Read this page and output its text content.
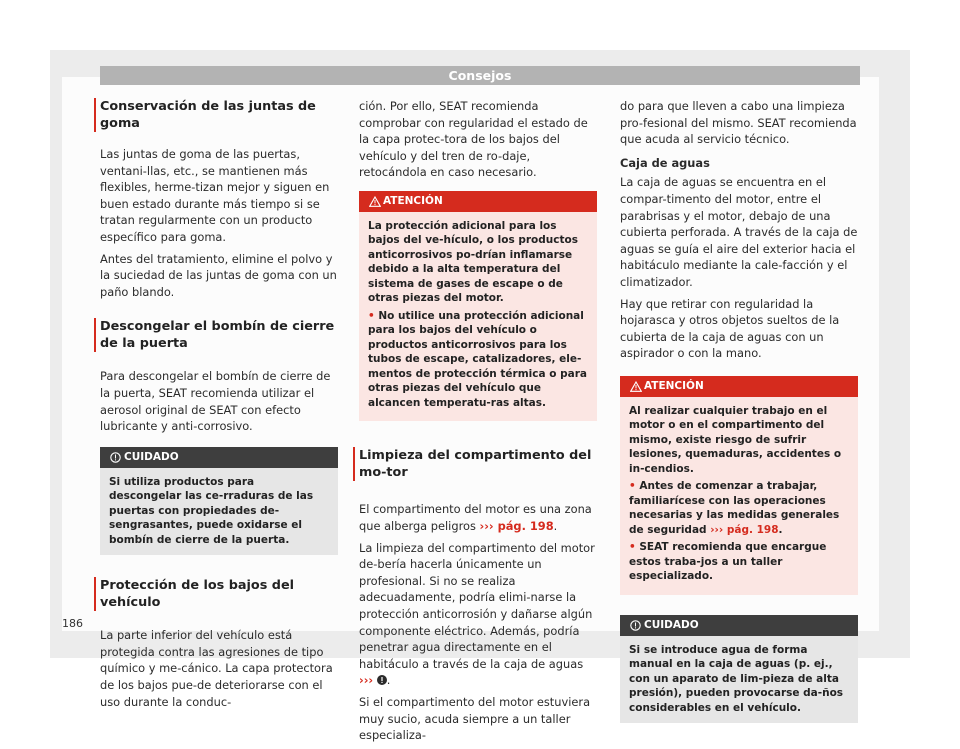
Consejos
Conservación de las juntas de goma

Las juntas de goma de las puertas, ventani-llas, etc., se mantienen más flexibles, herme-tizan mejor y siguen en buen estado durante más tiempo si se tratan regularmente con un producto específico para goma.

Antes del tratamiento, elimine el polvo y la suciedad de las juntas de goma con un paño blando.

Descongelar el bombín de cierre de la puerta

Para descongelar el bombín de cierre de la puerta, SEAT recomienda utilizar el aerosol original de SEAT con efecto lubricante y anti-corrosivo.

CUIDADO
Si utiliza productos para descongelar las ce-rraduras de las puertas con propiedades de-sengrasantes, puede oxidarse el bombín de cierre de la puerta.
Protección de los bajos del vehículo

La parte inferior del vehículo está protegida contra las agresiones de tipo químico y me-cánico. La capa protectora de los bajos pue-de deteriorarse con el uso durante la conduc-

ción. Por ello, SEAT recomienda comprobar con regularidad el estado de la capa protec-tora de los bajos del vehículo y del tren de ro-daje, retocándola en caso necesario.

ATENCIÓN

La protección adicional para los bajos del ve-hículo, o los productos anticorrosivos po-drían inflamarse debido a la alta temperatura del sistema de gases de escape o de otras piezas del motor.

• No utilice una protección adicional para los bajos del vehículo o productos anticorrosivos para los tubos de escape, catalizadores, ele-mentos de protección térmica o para otras piezas del vehículo que alcancen temperatu-ras altas.

Limpieza del compartimento del mo-tor

El compartimento del motor es una zona que alberga peligros ››› pág. 198.

La limpieza del compartimento del motor de-bería hacerla únicamente un profesional. Si no se realiza adecuadamente, podría elimi-narse la protección anticorrosión y dañarse algún componente eléctrico. Además, podría penetrar agua directamente en el habitáculo a través de la caja de aguas ››› .

Si el compartimento del motor estuviera muy sucio, acuda siempre a un taller especializa-

do para que lleven a cabo una limpieza pro-fesional del mismo. SEAT recomienda que acuda al servicio técnico.

Caja de aguas

La caja de aguas se encuentra en el compar-timento del motor, entre el parabrisas y el motor, debajo de una cubierta perforada. A través de la caja de aguas se guía el aire del exterior hacia el habitáculo mediante la cale-facción y el climatizador.

Hay que retirar con regularidad la hojarasca y otros objetos sueltos de la cubierta de la caja de aguas con un aspirador o con la mano.

ATENCIÓN

Al realizar cualquier trabajo en el motor o en el compartimento del mismo, existe riesgo de sufrir lesiones, quemaduras, accidentes o in-cendios.

• Antes de comenzar a trabajar, familiarícese con las operaciones necesarias y las medidas generales de seguridad ››› pág. 198.

• SEAT recomienda que encargue estos traba-jos a un taller especializado.

CUIDADO
Si se introduce agua de forma manual en la caja de aguas (p. ej., con un aparato de lim-pieza de alta presión), pueden provocarse da-ños considerables en el vehículo.
186
